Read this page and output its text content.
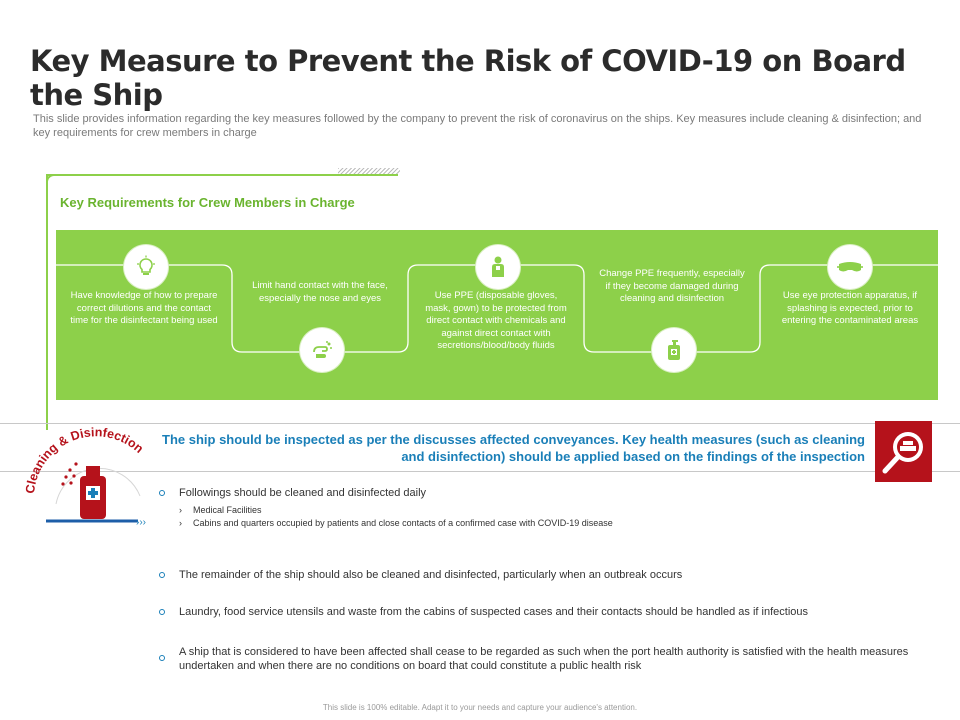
Key Measure to Prevent the Risk of COVID-19 on Board the Ship
This slide provides information regarding the key measures followed by the company to prevent the risk of coronavirus on the ships. Key measures include cleaning & disinfection; and key requirements for crew members in charge
Key Requirements for Crew Members in Charge
Have knowledge of how to prepare correct dilutions and the contact time for the disinfectant being used
Limit hand contact with the face, especially the nose and eyes	Use PPE (disposable gloves, mask, gown) to be protected from direct contact with chemicals and against direct contact with secretions/blood/body fluids
Change PPE frequently, especially if they become damaged during cleaning and disinfection	Use eye protection apparatus, if splashing is expected, prior to entering the contaminated areas
Cleaning & Disinfection
›››
The ship should be inspected as per the discusses affected conveyances. Key health measures (such as cleaning and disinfection) should be applied based on the findings of the inspection
Followings should be cleaned and disinfected daily
› Medical Facilities
› Cabins and quarters occupied by patients and close contacts of a confirmed case with COVID-19 disease
The remainder of the ship should also be cleaned and disinfected, particularly when an outbreak occurs
Laundry, food service utensils and waste from the cabins of suspected cases and their contacts should be handled as if infectious
A ship that is considered to have been affected shall cease to be regarded as such when the port health authority is satisfied with the health measures undertaken and when there are no conditions on board that could constitute a public health risk
This slide is 100% editable. Adapt it to your needs and capture your audience's attention.
